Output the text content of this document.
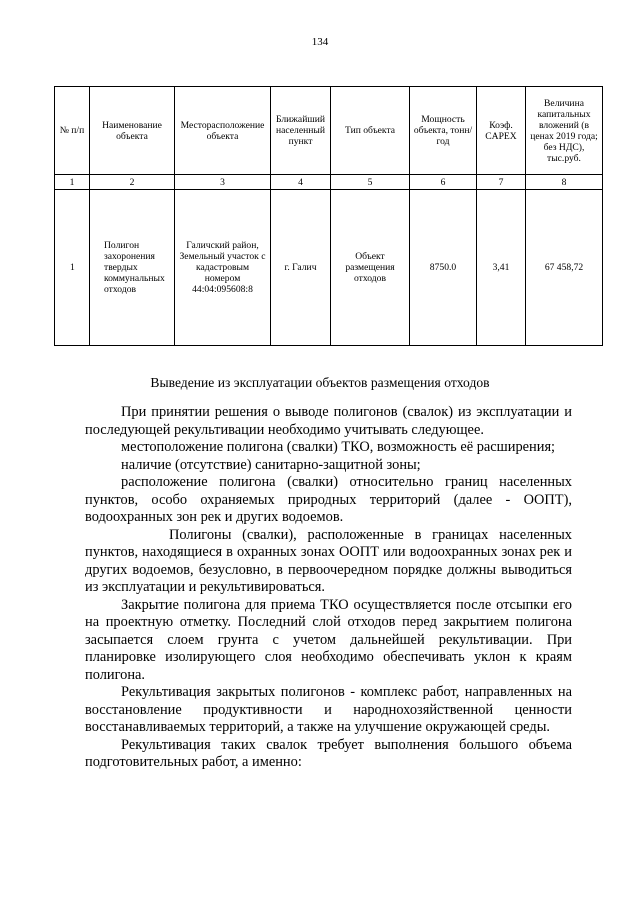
134
№ п/п	Наименование объекта	Месторасположение объекта	Ближайший населенный пункт	Тип объекта	Мощность объекта, тонн/год	Коэф. CAPEX	Величина капитальных вложений (в ценах 2019 года; без НДС), тыс.руб.
1	2	3	4	5	6	7	8
1	Полигон захоронения твердых коммунальных отходов	Галичский район, Земельный участок с кадастровым номером 44:04:095608:8	г. Галич	Объект размещения отходов	8750.0	3,41	67 458,72
Выведение из эксплуатации объектов размещения отходов

При принятии решения о выводе полигонов (свалок) из эксплуатации и последующей рекультивации необходимо учитывать следующее.

местоположение полигона (свалки) ТКО, возможность её расширения;

наличие (отсутствие) санитарно-защитной зоны;

расположение полигона (свалки) относительно границ населенных пунктов, особо охраняемых природных территорий (далее - ООПТ), водоохранных зон рек и других водоемов.

Полигоны (свалки), расположенные в границах населенных пунктов, находящиеся в охранных зонах ООПТ или водоохранных зонах рек и других водоемов, безусловно, в первоочередном порядке должны выводиться из эксплуатации и рекультивироваться.

Закрытие полигона для приема ТКО осуществляется после отсыпки его на проектную отметку. Последний слой отходов перед закрытием полигона засыпается слоем грунта с учетом дальнейшей рекультивации. При планировке изолирующего слоя необходимо обеспечивать уклон к краям полигона.

Рекультивация закрытых полигонов - комплекс работ, направленных на восстановление продуктивности и народнохозяйственной ценности восстанавливаемых территорий, а также на улучшение окружающей среды.

Рекультивация таких свалок требует выполнения большого объема подготовительных работ, а именно:
